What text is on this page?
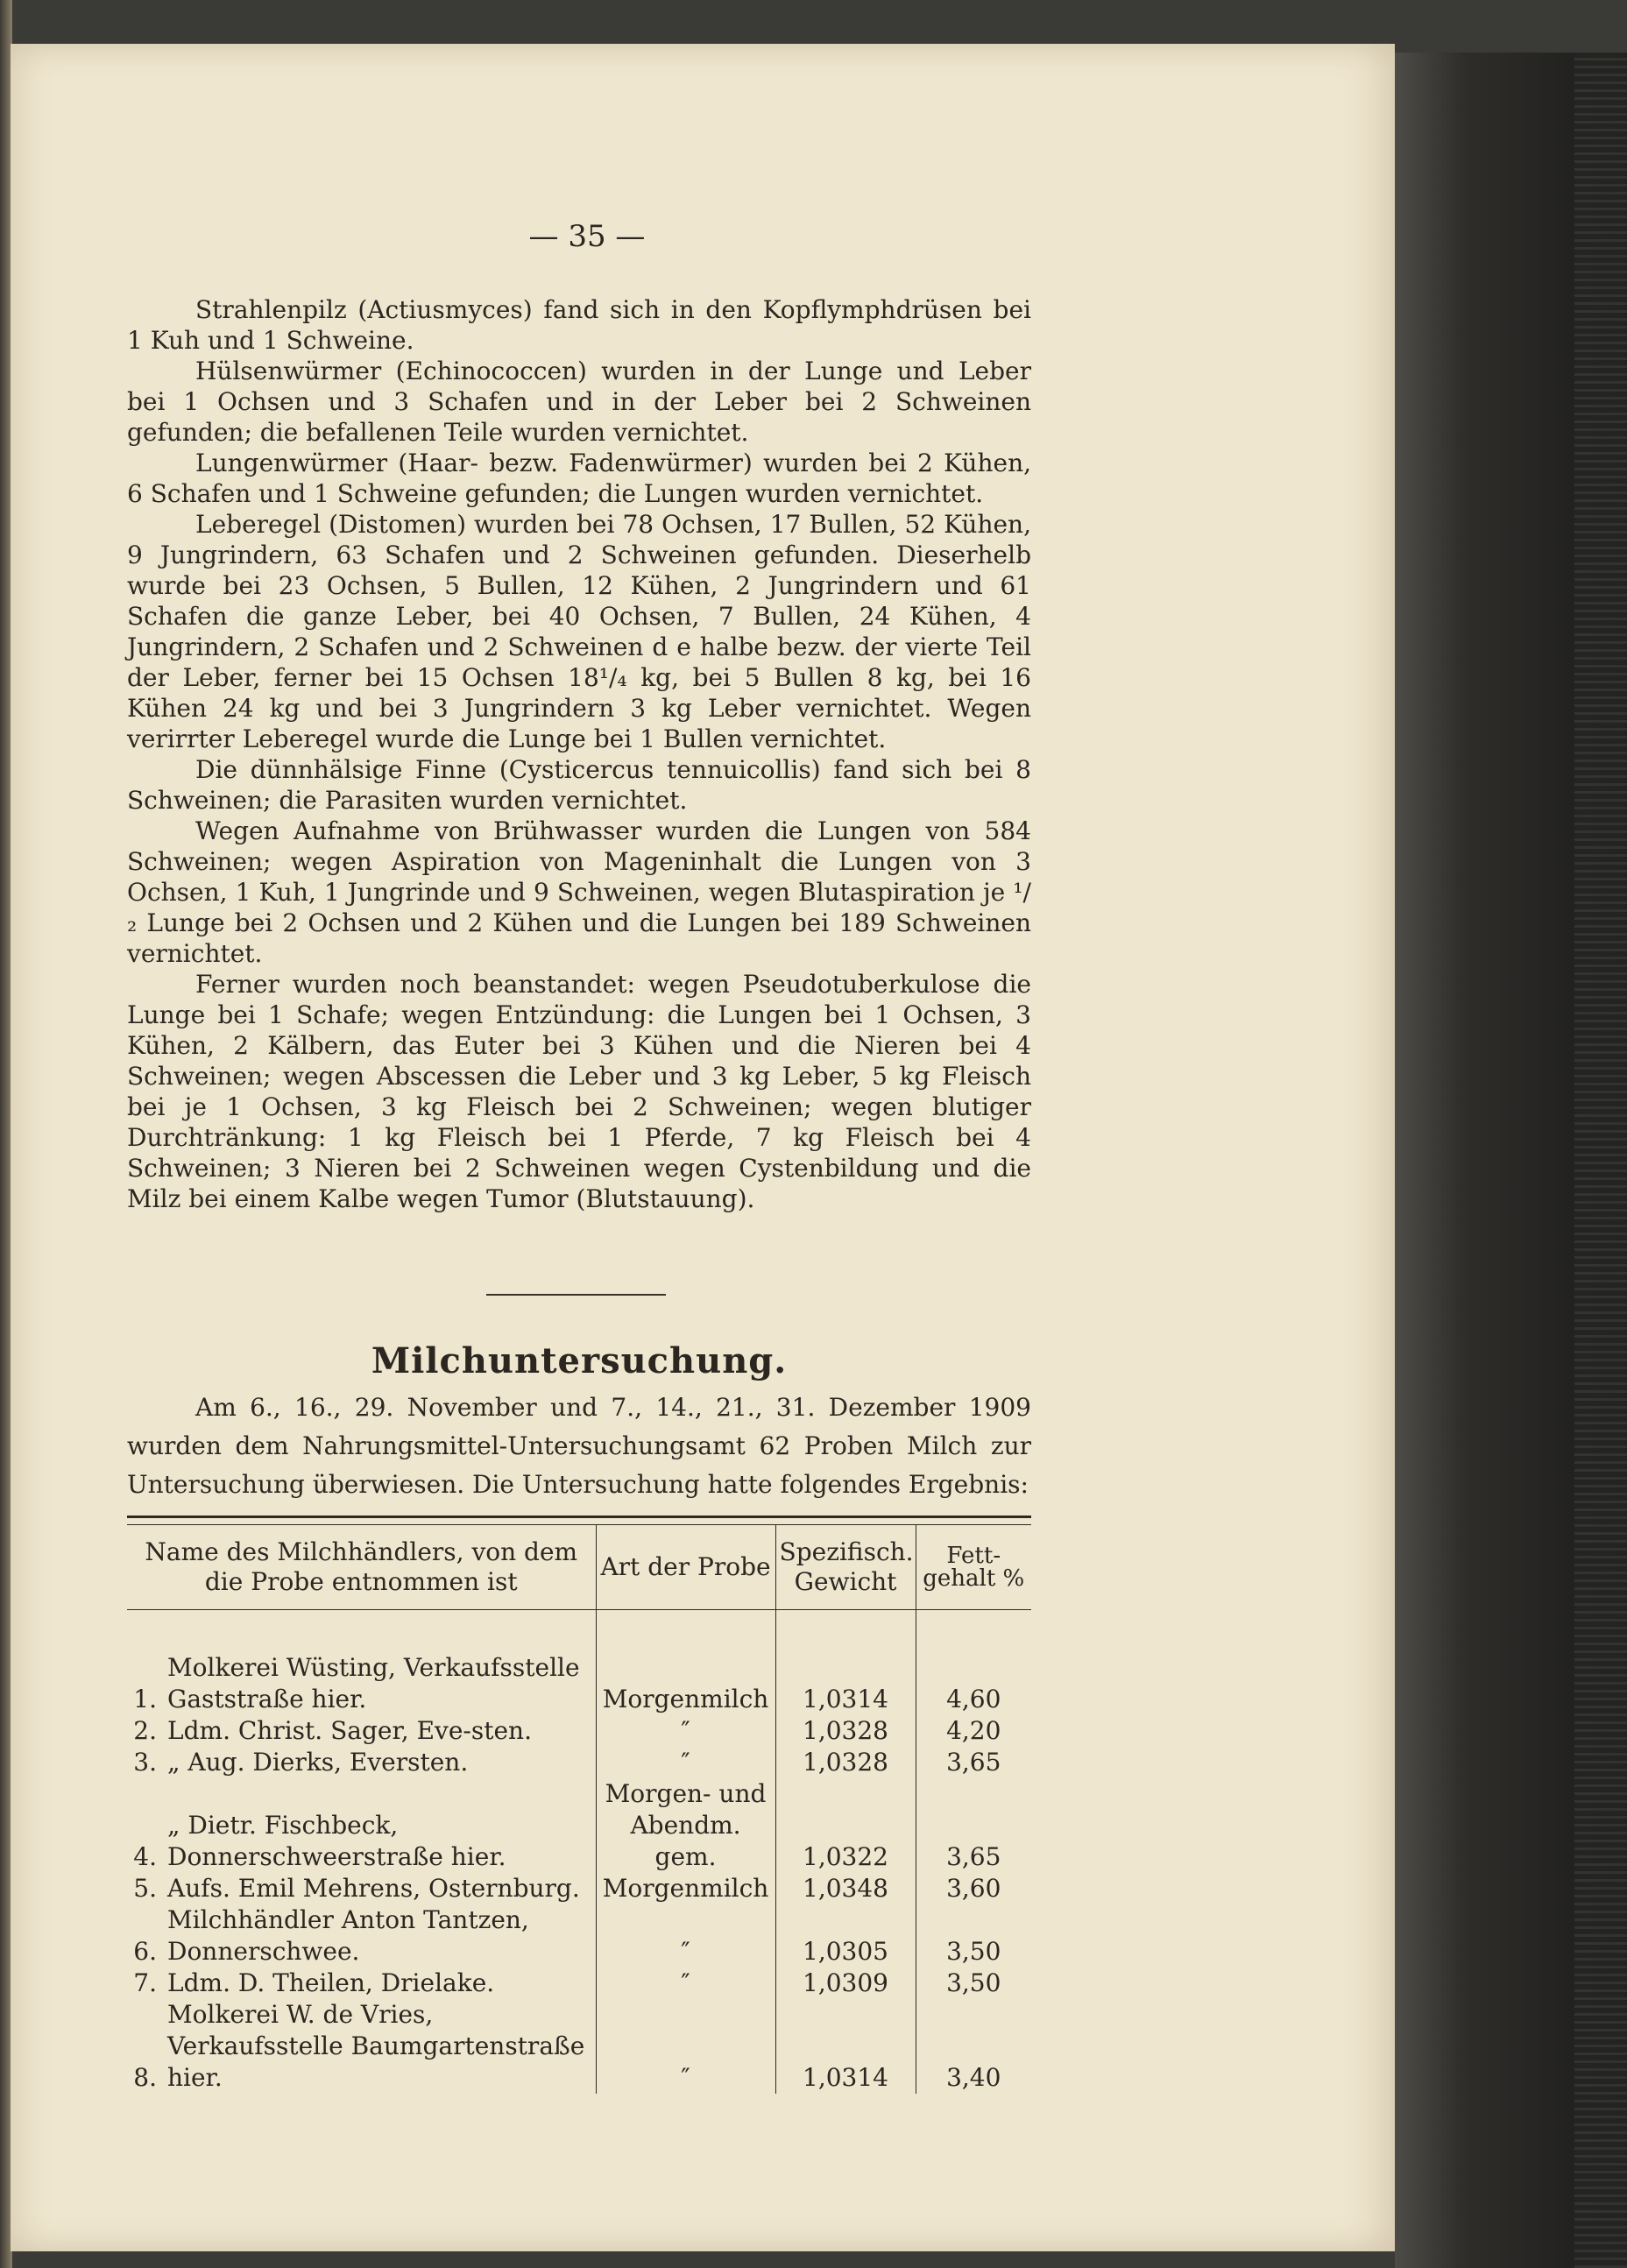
— 35 —

Strahlenpilz (Actiusmyces) fand sich in den Kopflymphdrüsen bei 1 Kuh und 1 Schweine.

Hülsenwürmer (Echinococcen) wurden in der Lunge und Leber bei 1 Ochsen und 3 Schafen und in der Leber bei 2 Schweinen gefunden; die befallenen Teile wurden vernichtet.

Lungenwürmer (Haar- bezw. Fadenwürmer) wurden bei 2 Kühen, 6 Schafen und 1 Schweine gefunden; die Lungen wurden vernichtet.

Leberegel (Distomen) wurden bei 78 Ochsen, 17 Bullen, 52 Kühen, 9 Jungrindern, 63 Schafen und 2 Schweinen gefunden. Dieserhelb wurde bei 23 Ochsen, 5 Bullen, 12 Kühen, 2 Jungrindern und 61 Schafen die ganze Leber, bei 40 Ochsen, 7 Bullen, 24 Kühen, 4 Jungrindern, 2 Schafen und 2 Schweinen d e halbe bezw. der vierte Teil der Leber, ferner bei 15 Ochsen 18¹/₄ kg, bei 5 Bullen 8 kg, bei 16 Kühen 24 kg und bei 3 Jungrindern 3 kg Leber vernichtet. Wegen verirrter Leberegel wurde die Lunge bei 1 Bullen vernichtet.

Die dünnhälsige Finne (Cysticercus tennuicollis) fand sich bei 8 Schweinen; die Parasiten wurden vernichtet.

Wegen Aufnahme von Brühwasser wurden die Lungen von 584 Schweinen; wegen Aspiration von Mageninhalt die Lungen von 3 Ochsen, 1 Kuh, 1 Jungrinde und 9 Schweinen, wegen Blutaspiration je ¹/₂ Lunge bei 2 Ochsen und 2 Kühen und die Lungen bei 189 Schweinen vernichtet.

Ferner wurden noch beanstandet: wegen Pseudotuberkulose die Lunge bei 1 Schafe; wegen Entzündung: die Lungen bei 1 Ochsen, 3 Kühen, 2 Kälbern, das Euter bei 3 Kühen und die Nieren bei 4 Schweinen; wegen Abscessen die Leber und 3 kg Leber, 5 kg Fleisch bei je 1 Ochsen, 3 kg Fleisch bei 2 Schweinen; wegen blutiger Durchtränkung: 1 kg Fleisch bei 1 Pferde, 7 kg Fleisch bei 4 Schweinen; 3 Nieren bei 2 Schweinen wegen Cystenbildung und die Milz bei einem Kalbe wegen Tumor (Blutstauung).

Milchuntersuchung.

Am 6., 16., 29. November und 7., 14., 21., 31. Dezember 1909 wurden dem Nahrungsmittel-Untersuchungsamt 62 Proben Milch zur Untersuchung überwiesen. Die Untersuchung hatte folgendes Ergebnis:

Name des Milchhändlers, von dem die Probe entnommen ist		Art der Probe	Spezifisch. Gewicht	Fett-gehalt %
1.	Molkerei Wüsting, Verkaufsstelle Gaststraße hier.	Morgenmilch	1,0314	4,60
2.	Ldm. Christ. Sager, Eve-sten.	″	1,0328	4,20
3.	„ Aug. Dierks, Eversten.	″	1,0328	3,65
4.	„ Dietr. Fischbeck, Donnerschweerstraße hier.	Morgen- und Abendm. gem.	1,0322	3,65
5.	Aufs. Emil Mehrens, Osternburg.	Morgenmilch	1,0348	3,60
6.	Milchhändler Anton Tantzen, Donnerschwee.	″	1,0305	3,50
7.	Ldm. D. Theilen, Drielake.	″	1,0309	3,50
8.	Molkerei W. de Vries, Verkaufsstelle Baumgartenstraße hier.	″	1,0314	3,40
